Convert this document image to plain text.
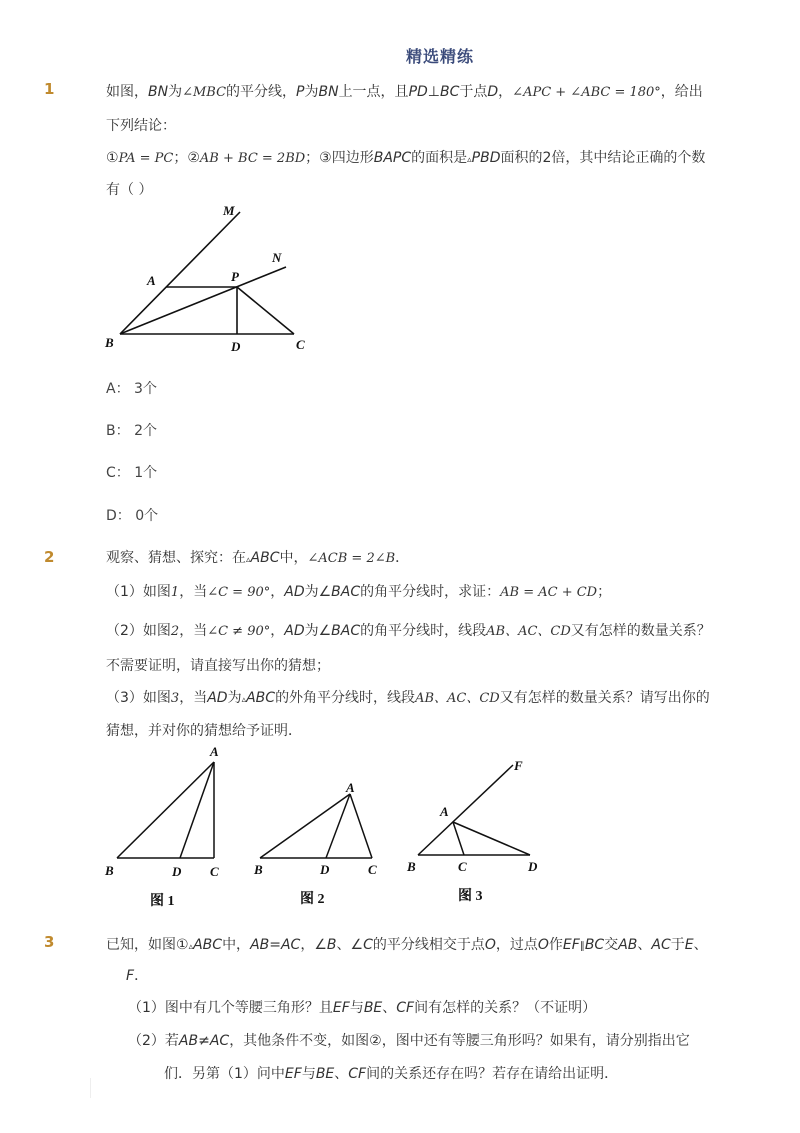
精选精练
1	如图，BN为∠MBC的平分线，P为BN上一点，且PD⊥BC于点D，∠APC + ∠ABC = 180°，给出
下列结论：
①PA = PC；②AB + BC = 2BD；③四边形BAPC的面积是▵PBD面积的2倍，其中结论正确的个数
有（ ）
M
N
A	P
B	D	C
A： 3个
B： 2个
C： 1个
D： 0个
2	观察、猜想、探究：在▵ABC中，∠ACB = 2∠B．
（1）如图1，当∠C = 90°，AD为∠BAC的角平分线时，求证：AB = AC + CD；
（2）如图2，当∠C ≠ 90°，AD为∠BAC的角平分线时，线段AB、AC、CD又有怎样的数量关系？
不需要证明，请直接写出你的猜想；
（3）如图3，当AD为▵ABC的外角平分线时，线段AB、AC、CD又有怎样的数量关系？请写出你的
猜想，并对你的猜想给予证明．
A
B	D C
图 1
A
B	D	C
图 2
F
A
B	C	D
图 3
3	已知，如图①▵ABC中，AB=AC，∠B、∠C的平分线相交于点O，过点O作EF∥BC交AB、AC于E、
F．
（1）图中有几个等腰三角形？且EF与BE、CF间有怎样的关系？（不证明）
（2）若AB≠AC，其他条件不变，如图②，图中还有等腰三角形吗？如果有，请分别指出它
们．另第（1）问中EF与BE、CF间的关系还存在吗？若存在请给出证明．
